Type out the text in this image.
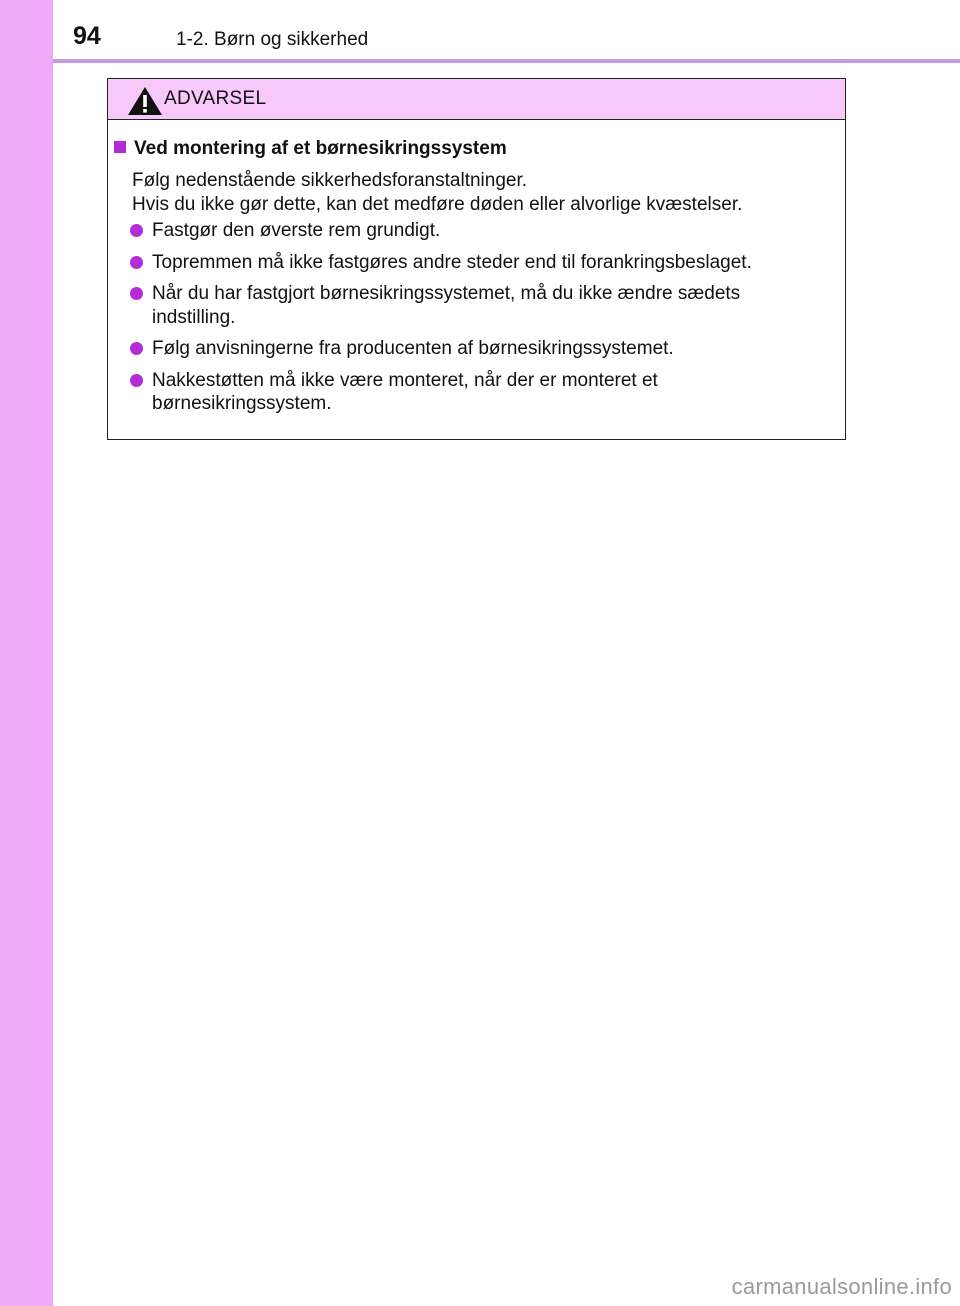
94	1-2. Børn og sikkerhed
ADVARSEL
Ved montering af et børnesikringssystem
Følg nedenstående sikkerhedsforanstaltninger.
Hvis du ikke gør dette, kan det medføre døden eller alvorlige kvæstelser.
Fastgør den øverste rem grundigt.
Topremmen må ikke fastgøres andre steder end til forankringsbeslaget.
Når du har fastgjort børnesikringssystemet, må du ikke ændre sædets indstilling.
Følg anvisningerne fra producenten af børnesikringssystemet.
Nakkestøtten må ikke være monteret, når der er monteret et børnesikringssystem.
carmanualsonline.info
